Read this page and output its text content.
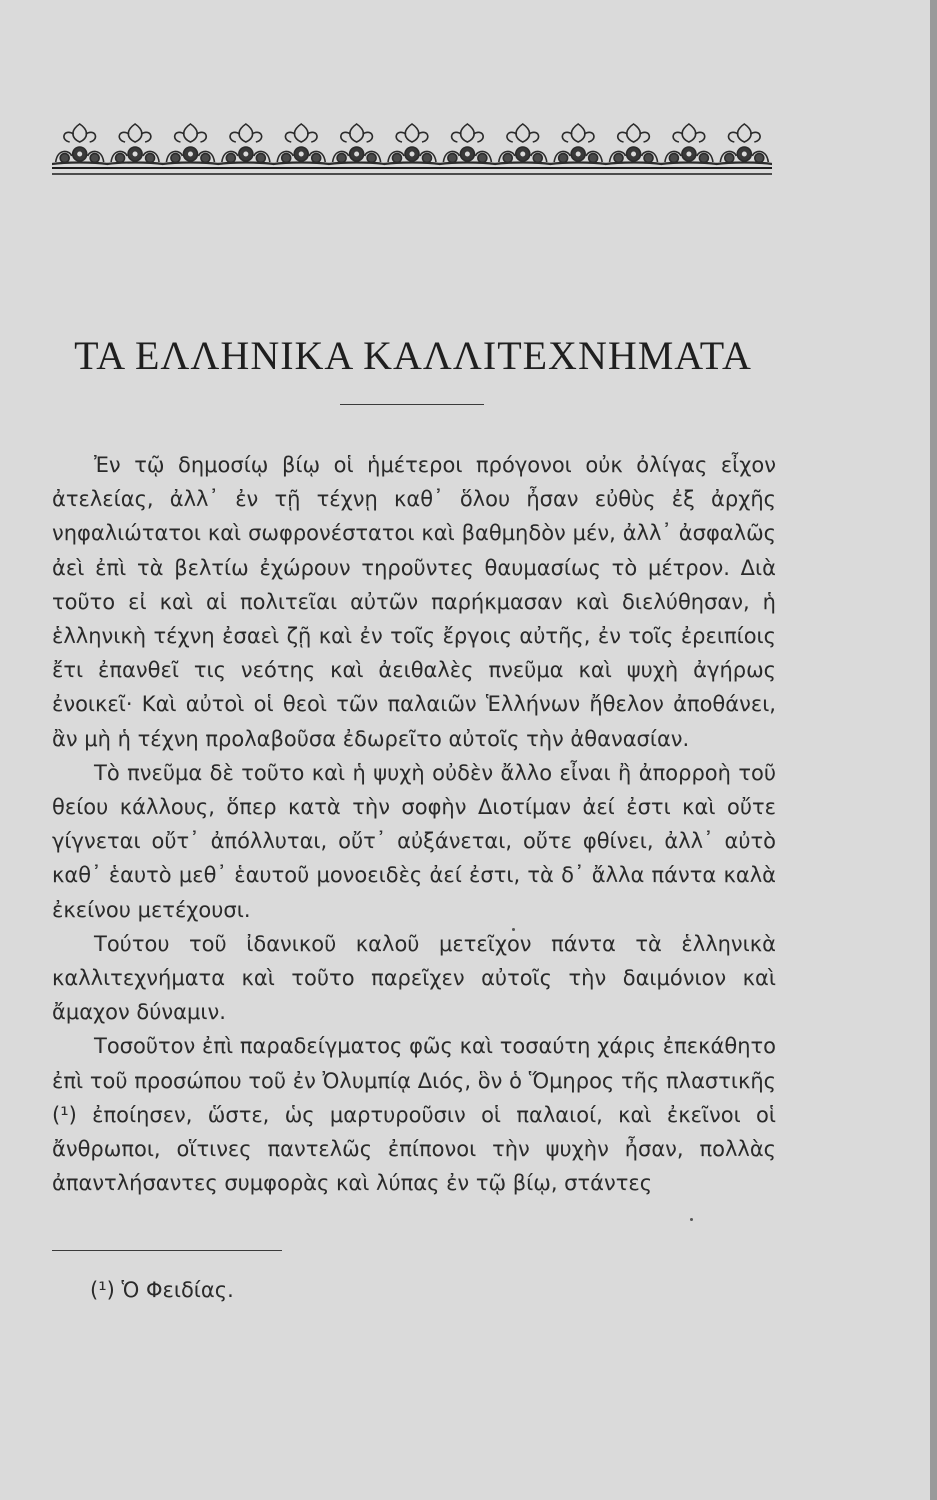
ΤΑ ΕΛΛΗΝΙΚΑ ΚΑΛΛΙΤΕΧΝΗΜΑΤΑ

Ἐν τῷ δημοσίῳ βίῳ οἱ ἡμέτεροι πρόγονοι οὐκ ὀλίγας εἶχον ἀτελείας, ἀλλ᾽ ἐν τῇ τέχνῃ καθ᾽ ὅλου ἦσαν εὐθὺς ἐξ ἀρχῆς νηφαλιώτατοι καὶ σωφρονέστατοι καὶ βαθμηδὸν μέν, ἀλλ᾽ ἀσφαλῶς ἀεὶ ἐπὶ τὰ βελτίω ἐχώρουν τηροῦντες θαυμασίως τὸ μέτρον. Διὰ τοῦτο εἰ καὶ αἱ πολιτεῖαι αὐτῶν παρήκμασαν καὶ διελύθησαν, ἡ ἑλληνικὴ τέχνη ἐσαεὶ ζῇ καὶ ἐν τοῖς ἔργοις αὐτῆς, ἐν τοῖς ἐρειπίοις ἔτι ἐπανθεῖ τις νεότης καὶ ἀειθαλὲς πνεῦμα καὶ ψυχὴ ἀγήρως ἐνοικεῖ· Καὶ αὐτοὶ οἱ θεοὶ τῶν παλαιῶν Ἑλλήνων ἤθελον ἀποθάνει, ἂν μὴ ἡ τέχνη προλαβοῦσα ἐδωρεῖτο αὐτοῖς τὴν ἀθανασίαν.

Τὸ πνεῦμα δὲ τοῦτο καὶ ἡ ψυχὴ οὐδὲν ἄλλο εἶναι ἢ ἀπορροὴ τοῦ θείου κάλλους, ὅπερ κατὰ τὴν σοφὴν Διοτίμαν ἀεί ἐστι καὶ οὔτε γίγνεται οὔτ᾽ ἀπόλλυται, οὔτ᾽ αὐξάνεται, οὔτε φθίνει, ἀλλ᾽ αὐτὸ καθ᾽ ἑαυτὸ μεθ᾽ ἑαυτοῦ μονοειδὲς ἀεί ἐστι, τὰ δ᾽ ἄλλα πάντα καλὰ ἐκείνου μετέχουσι.

Τούτου τοῦ ἰδανικοῦ καλοῦ μετεῖχον πάντα τὰ ἑλληνικὰ καλλιτεχνήματα καὶ τοῦτο παρεῖχεν αὐτοῖς τὴν δαιμόνιον καὶ ἄμαχον δύναμιν.

Τοσοῦτον ἐπὶ παραδείγματος φῶς καὶ τοσαύτη χάρις ἐπεκάθητο ἐπὶ τοῦ προσώπου τοῦ ἐν Ὀλυμπίᾳ Διός, ὃν ὁ Ὅμηρος τῆς πλαστικῆς (¹) ἐποίησεν, ὥστε, ὡς μαρτυροῦσιν οἱ παλαιοί, καὶ ἐκεῖνοι οἱ ἄνθρωποι, οἵτινες παντελῶς ἐπίπονοι τὴν ψυχὴν ἦσαν, πολλὰς ἀπαντλήσαντες συμφορὰς καὶ λύπας ἐν τῷ βίῳ, στάντες

(¹) Ὁ Φειδίας.
